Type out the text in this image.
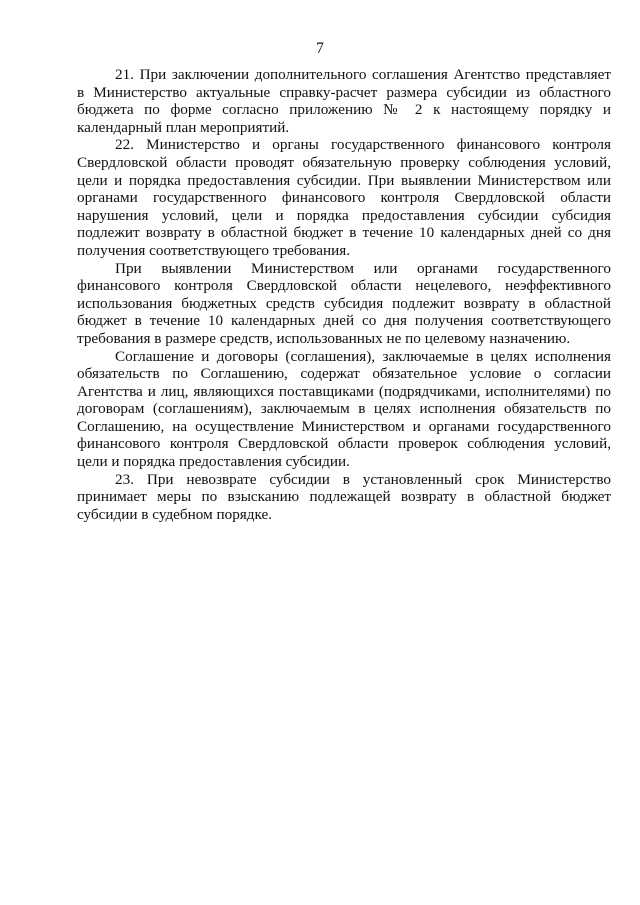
7

21. При заключении дополнительного соглашения Агентство представляет в Министерство актуальные справку-расчет размера субсидии из областного бюджета по форме согласно приложению № 2 к настоящему порядку и календарный план мероприятий.

22. Министерство и органы государственного финансового контроля Свердловской области проводят обязательную проверку соблюдения условий, цели и порядка предоставления субсидии. При выявлении Министерством или органами государственного финансового контроля Свердловской области нарушения условий, цели и порядка предоставления субсидии субсидия подлежит возврату в областной бюджет в течение 10 календарных дней со дня получения соответствующего требования.

При выявлении Министерством или органами государственного финансового контроля Свердловской области нецелевого, неэффективного использования бюджетных средств субсидия подлежит возврату в областной бюджет в течение 10 календарных дней со дня получения соответствующего требования в размере средств, использованных не по целевому назначению.

Соглашение и договоры (соглашения), заключаемые в целях исполнения обязательств по Соглашению, содержат обязательное условие о согласии Агентства и лиц, являющихся поставщиками (подрядчиками, исполнителями) по договорам (соглашениям), заключаемым в целях исполнения обязательств по Соглашению, на осуществление Министерством и органами государственного финансового контроля Свердловской области проверок соблюдения условий, цели и порядка предоставления субсидии.

23. При невозврате субсидии в установленный срок Министерство принимает меры по взысканию подлежащей возврату в областной бюджет субсидии в судебном порядке.
